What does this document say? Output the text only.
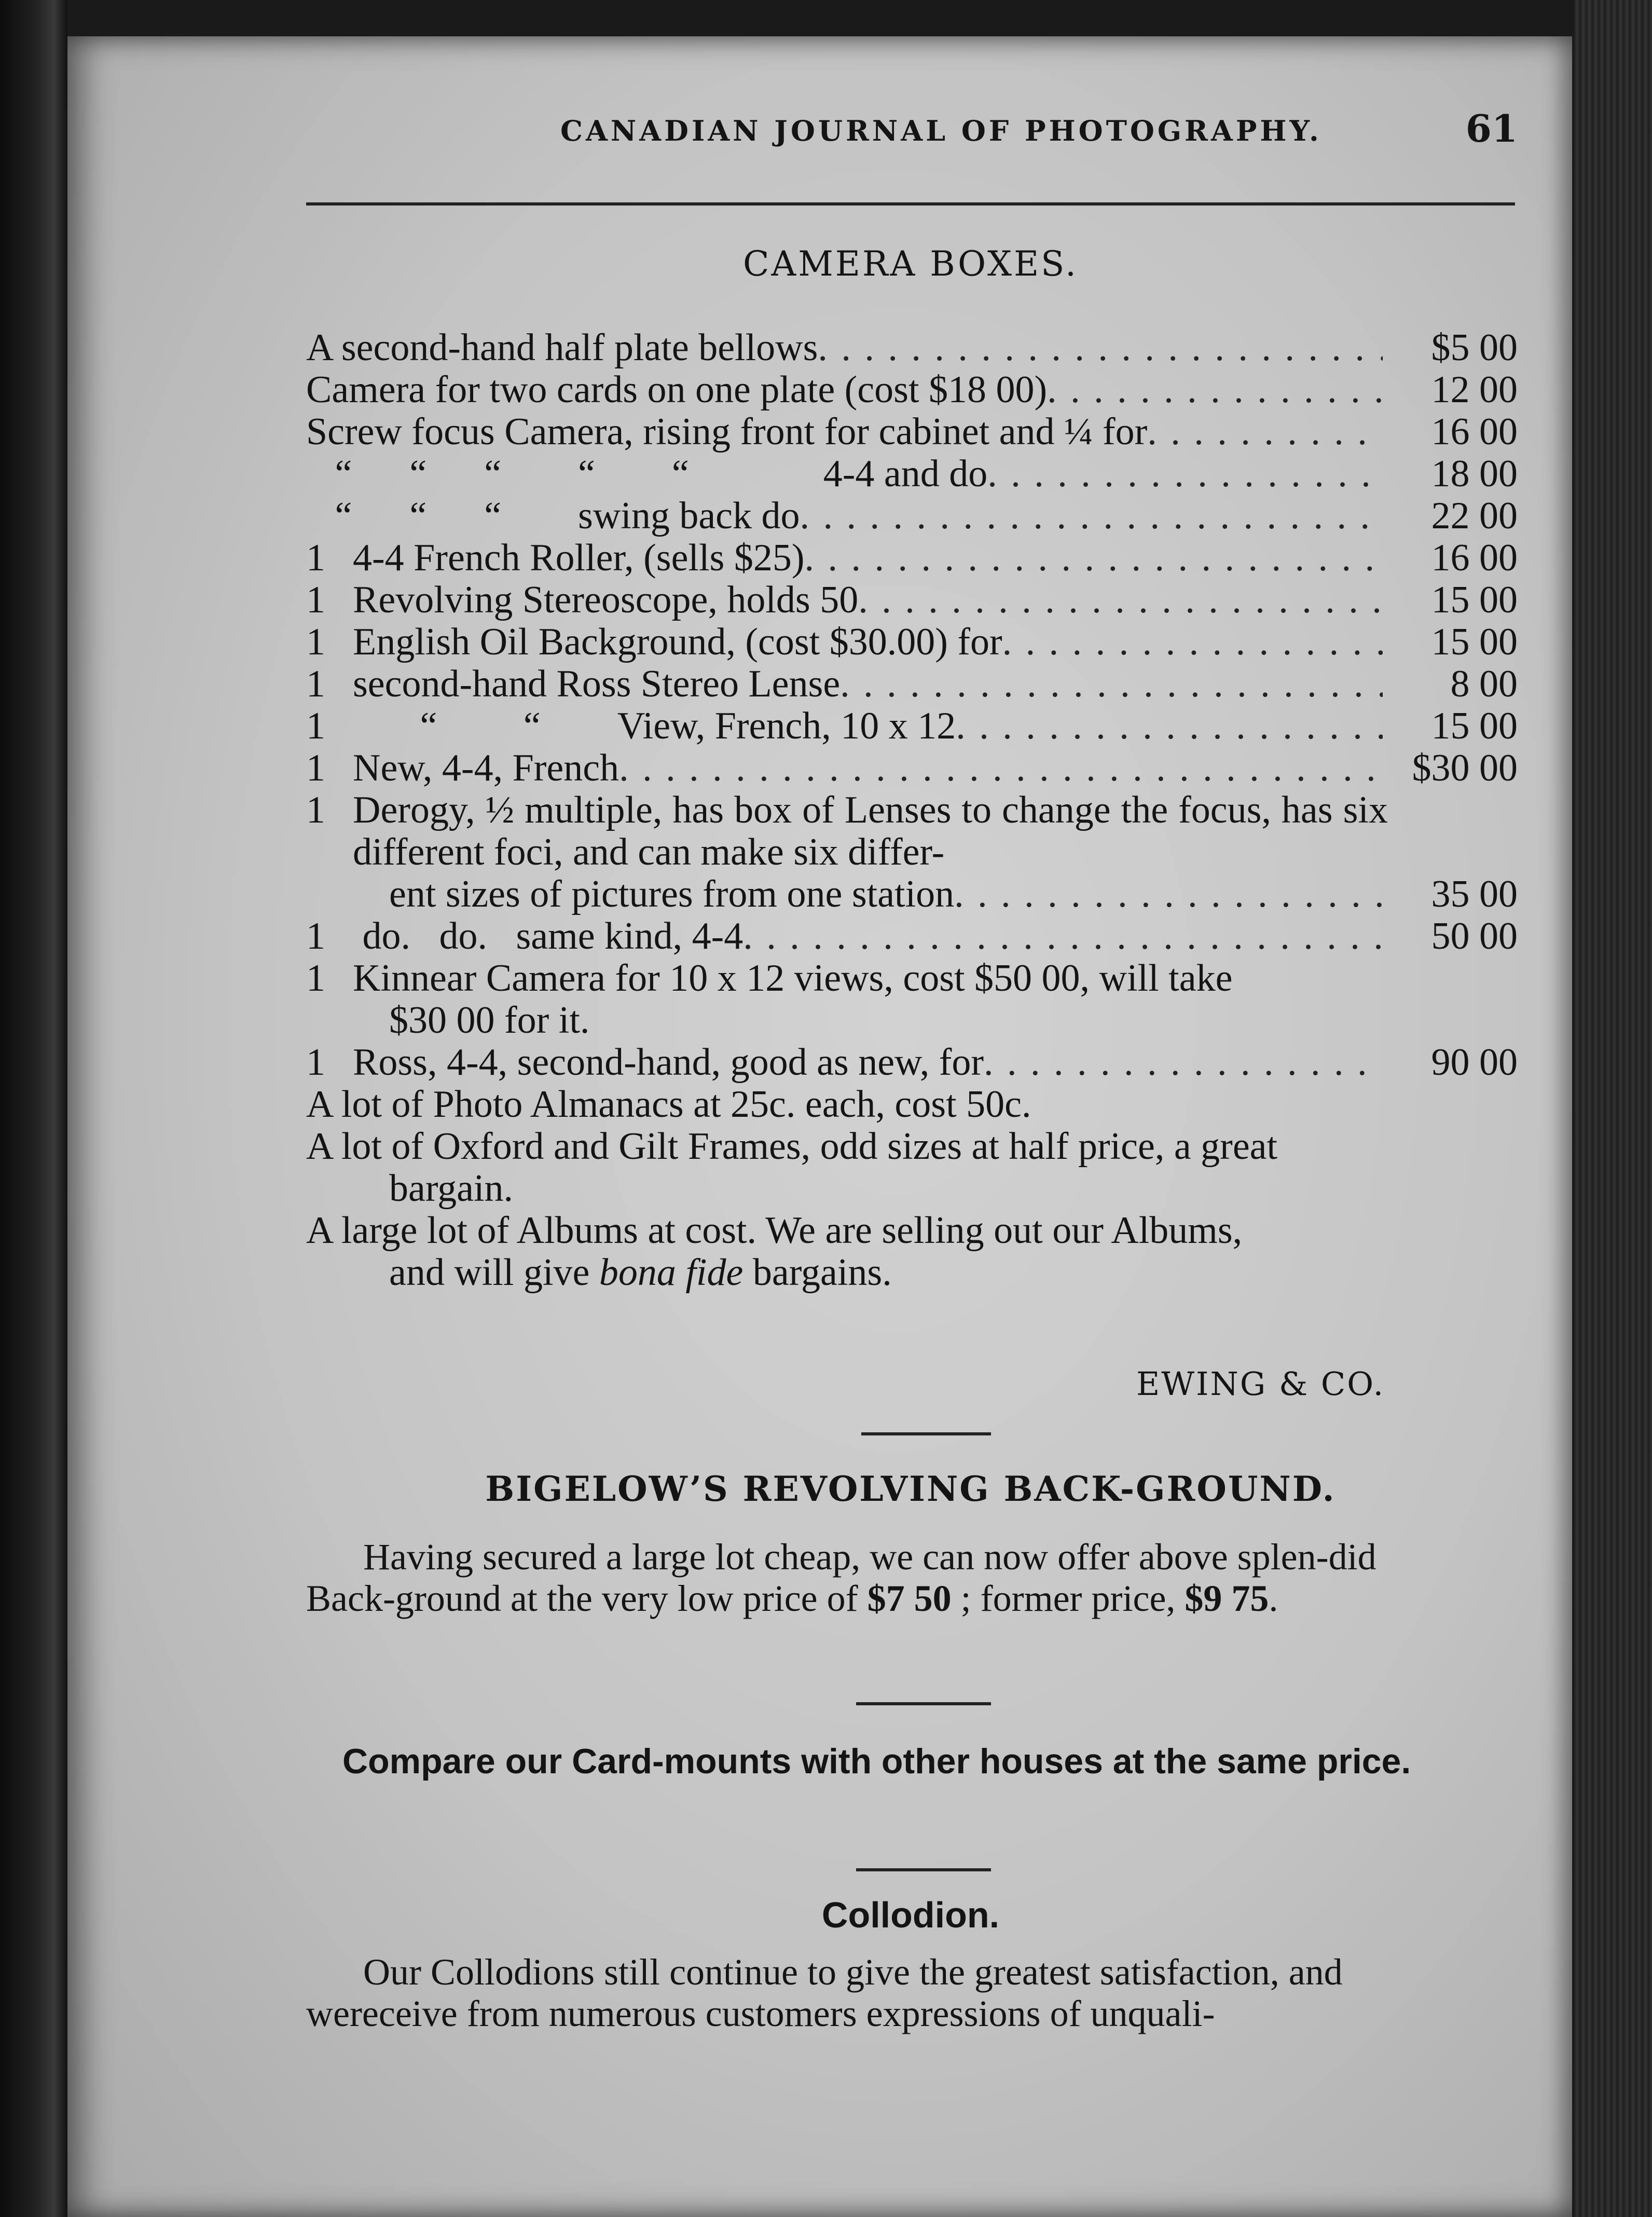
CANADIAN JOURNAL OF PHOTOGRAPHY.	61
CAMERA BOXES.
A second-hand half plate bellows . . .	$5 00
Camera for two cards on one plate (cost $18 00) . . .	12 00
Screw focus Camera, rising front for cabinet and ¼ for . . .	16 00
“      “      “        “        “              4-4 and do . . .	18 00
“      “      “        swing back do . . .	22 00
1 4-4 French Roller, (sells $25) . . .	16 00
1 Revolving Stereoscope, holds 50 . . .	15 00
1 English Oil Background, (cost $30.00) for . . .	15 00
1 second-hand Ross Stereo Lense . . .	8 00
1 “         “        View, French, 10 x 12 . . .	15 00
1 New, 4-4, French . . .	$30 00
1 Derogy, ½ multiple, has box of Lenses to change the focus, has six different foci, and can make six differ-
ent sizes of pictures from one station . . .	35 00
1 do.   do.   same kind, 4-4 . . .	50 00
1 Kinnear Camera for 10 x 12 views, cost $50 00, will take
$30 00 for it.
1 Ross, 4-4, second-hand, good as new, for . . .	90 00
A lot of Photo Almanacs at 25c. each, cost 50c.
A lot of Oxford and Gilt Frames, odd sizes at half price, a great
bargain.
A large lot of Albums at cost. We are selling out our Albums,
and will give bona fide bargains.
EWING & CO.
BIGELOW’S REVOLVING BACK-GROUND.
Having secured a large lot cheap, we can now offer above splen-did Back-ground at the very low price of $7 50 ; former price, $9 75.
Compare our Card-mounts with other houses at the same price.
Collodion.
Our Collodions still continue to give the greatest satisfaction, and wereceive from numerous customers expressions of unquali-
